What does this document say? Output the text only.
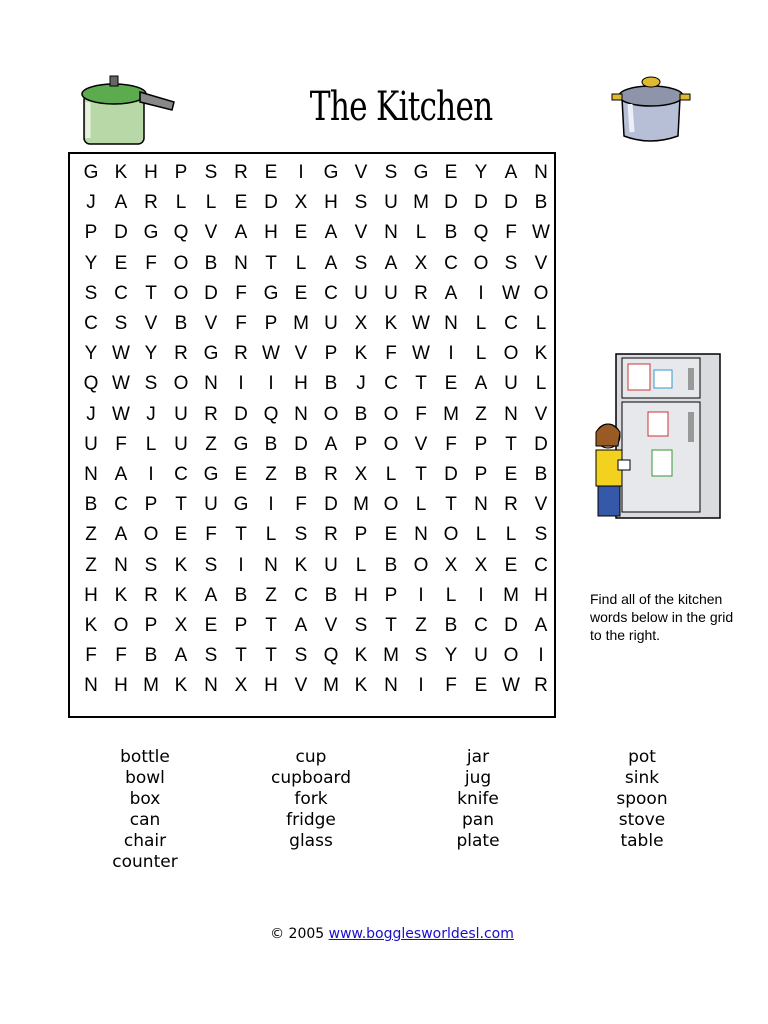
The Kitchen
G K H P S R E	I	G V S G E Y A N
J A R L	L E D X H S U M D D D B
P D G Q V A H E A V N L B Q F W
Y E F O B N T L A S A X C O S V
S C T O D F G E C U U R A	I W O
C S V B V F P M U X K W N L C L
Y W Y R G R W V P K F W I	L O K
Q W S O N	I	I	H B J C T E A U L
J W J U R D Q N O B O F M Z N V
U F L U Z G B D A P O V F P T D
N A	I	C G E Z B R X L T D P E B
B C P T U G	I	F D M O L T N R V
Z A O E F T L S R P E N O L	L S
Z N S K S	I	N K U L B O X X E C
H K R K A B Z C B H P	I	L	I	M H
K O P X E P T A V S T Z B C D A
F F B A S T T S Q K M S Y U O	I
N H M K N X H V M K N	I	F E W R
Find all of the kitchen words below in the grid to the right.
bottle
bowl
box
can
chair
counter
cup
cupboard
fork
fridge
glass
jar
jug
knife
pan
plate
pot
sink
spoon
stove
table
© 2005 www.bogglesworldesl.com
